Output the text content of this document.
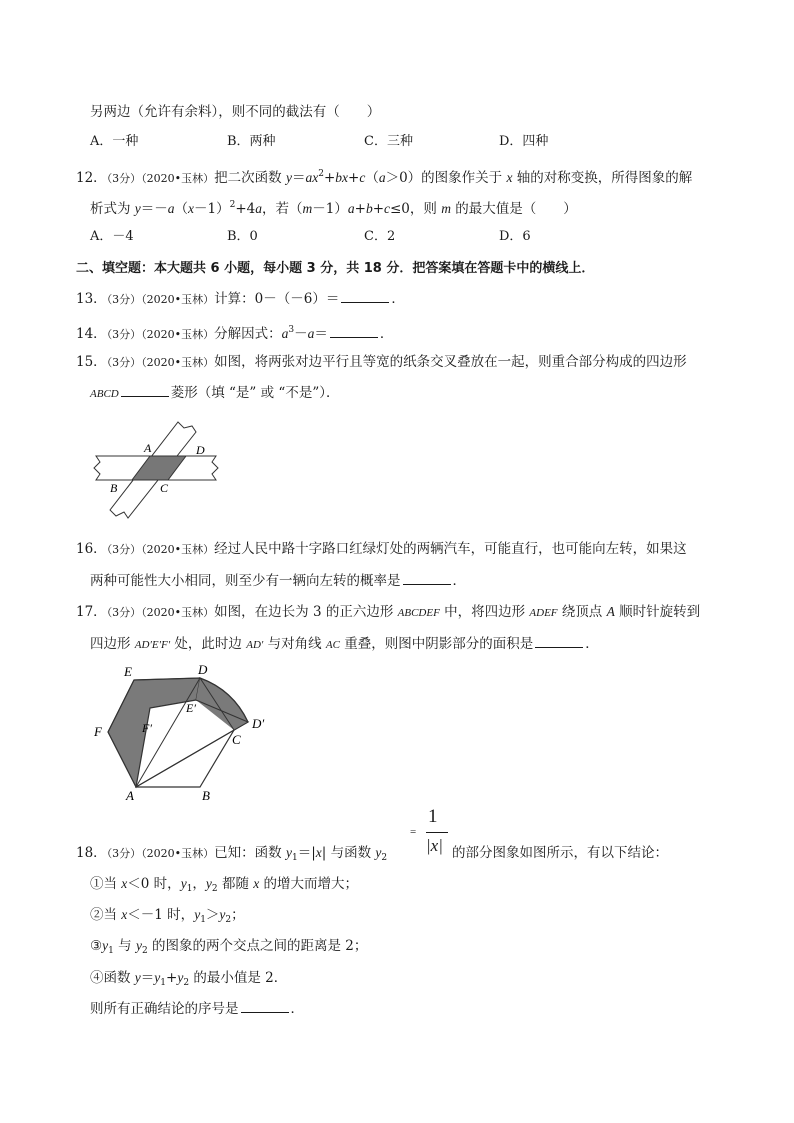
另两边（允许有余料），则不同的截法有（　　）
A．一种	B．两种	C．三种	D．四种
12．（3分）（2020•玉林）把二次函数 $y=ax^2+bx+c(a>0)$的图象作关于 x 轴的对称变换，所得图象的解
析式为 $y=-a(x-1)^2+4a$，若（m－1）a+b+c≤0，则 m 的最大值是（　　）
A．－4	B．0	C．2	D．6
二、填空题：本大题共 6 小题，每小题 3 分，共 18 分．把答案填在答题卡中的横线上．
13．（3分）（2020•玉林）计算：0－（－6）＝	．
14．（3分）（2020•玉林）分解因式：$a^3-a=$	．
15．（3分）（2020•玉林）如图，将两张对边平行且等宽的纸条交叉叠放在一起，则重合部分构成的四边形
ABCD	菱形（填 “是” 或 “不是”）．
A	D
B	C
16．（3分）（2020•玉林）经过人民中路十字路口红绿灯处的两辆汽车，可能直行，也可能向左转，如果这
两种可能性大小相同，则至少有一辆向左转的概率是	．
17．（3分）（2020•玉林）如图，在边长为 3 的正六边形 ABCDEF 中，将四边形 ADEF 绕顶点 A 顺时针旋转到
四边形 AD′E′F′ 处，此时边 AD′ 与对角线 AC 重叠，则图中阴影部分的面积是	．
E	D
E′
F	F′	D′
C
A	B
18．（3分）（2020•玉林）已知：函数 $y_1=|x|$ 与函数 $y_2$
=
1
|x| 的部分图象如图所示，有以下结论：
①当 x＜0 时，$y_1$，$y_2$ 都随 x 的增大而增大；
②当 x＜－1 时，$y_1>y_2$；
$③y_1$ 与 $y_2$ 的图象的两个交点之间的距离是 2；
④函数 $y=y_1+y_2$ 的最小值是 2．
则所有正确结论的序号是	．
